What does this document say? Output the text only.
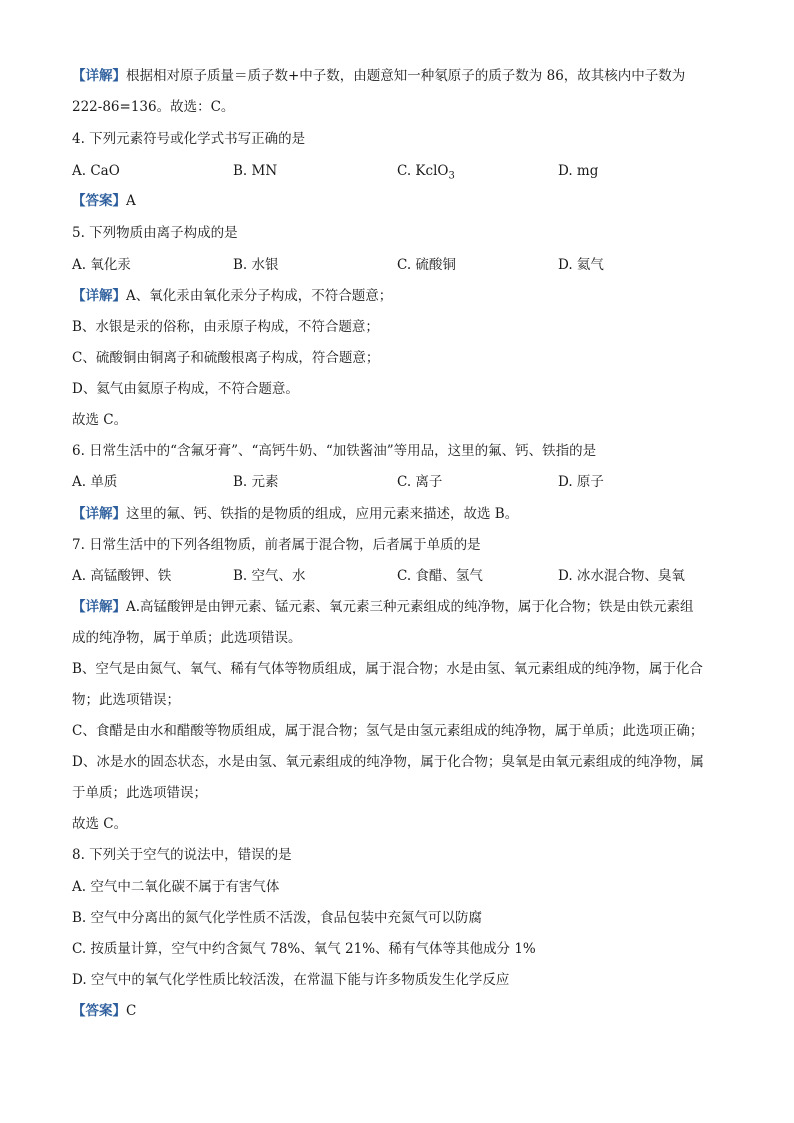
【详解】根据相对原子质量＝质子数+中子数，由题意知一种氡原子的质子数为 86，故其核内中子数为
222-86=136。故选：C。
4. 下列元素符号或化学式书写正确的是
A. CaO	B. MN	C. KclO$_3$	D. mg
【答案】A
5. 下列物质由离子构成的是
A. 氧化汞	B. 水银	C. 硫酸铜	D. 氦气
【详解】A、氧化汞由氧化汞分子构成，不符合题意；
B、水银是汞的俗称，由汞原子构成，不符合题意；
C、硫酸铜由铜离子和硫酸根离子构成，符合题意；
D、氦气由氦原子构成，不符合题意。
故选 C。
6. 日常生活中的“含氟牙膏”、“高钙牛奶、“加铁酱油”等用品，这里的氟、钙、铁指的是
A. 单质	B. 元素	C. 离子	D. 原子
【详解】这里的氟、钙、铁指的是物质的组成，应用元素来描述，故选 B。
7. 日常生活中的下列各组物质，前者属于混合物，后者属于单质的是
A. 高锰酸钾、铁	B. 空气、水	C. 食醋、氢气	D. 冰水混合物、臭氧
【详解】A.高锰酸钾是由钾元素、锰元素、氧元素三种元素组成的纯净物，属于化合物；铁是由铁元素组
成的纯净物，属于单质；此选项错误。
B、空气是由氮气、氧气、稀有气体等物质组成，属于混合物；水是由氢、氧元素组成的纯净物，属于化合
物；此选项错误；
C、食醋是由水和醋酸等物质组成，属于混合物；氢气是由氢元素组成的纯净物，属于单质；此选项正确；
D、冰是水的固态状态，水是由氢、氧元素组成的纯净物，属于化合物；臭氧是由氧元素组成的纯净物，属
于单质；此选项错误；
故选 C。
8. 下列关于空气的说法中，错误的是
A. 空气中二氧化碳不属于有害气体
B. 空气中分离出的氮气化学性质不活泼，食品包装中充氮气可以防腐
C. 按质量计算，空气中约含氮气 78%、氧气 21%、稀有气体等其他成分 1%
D. 空气中的氧气化学性质比较活泼，在常温下能与许多物质发生化学反应
【答案】C
